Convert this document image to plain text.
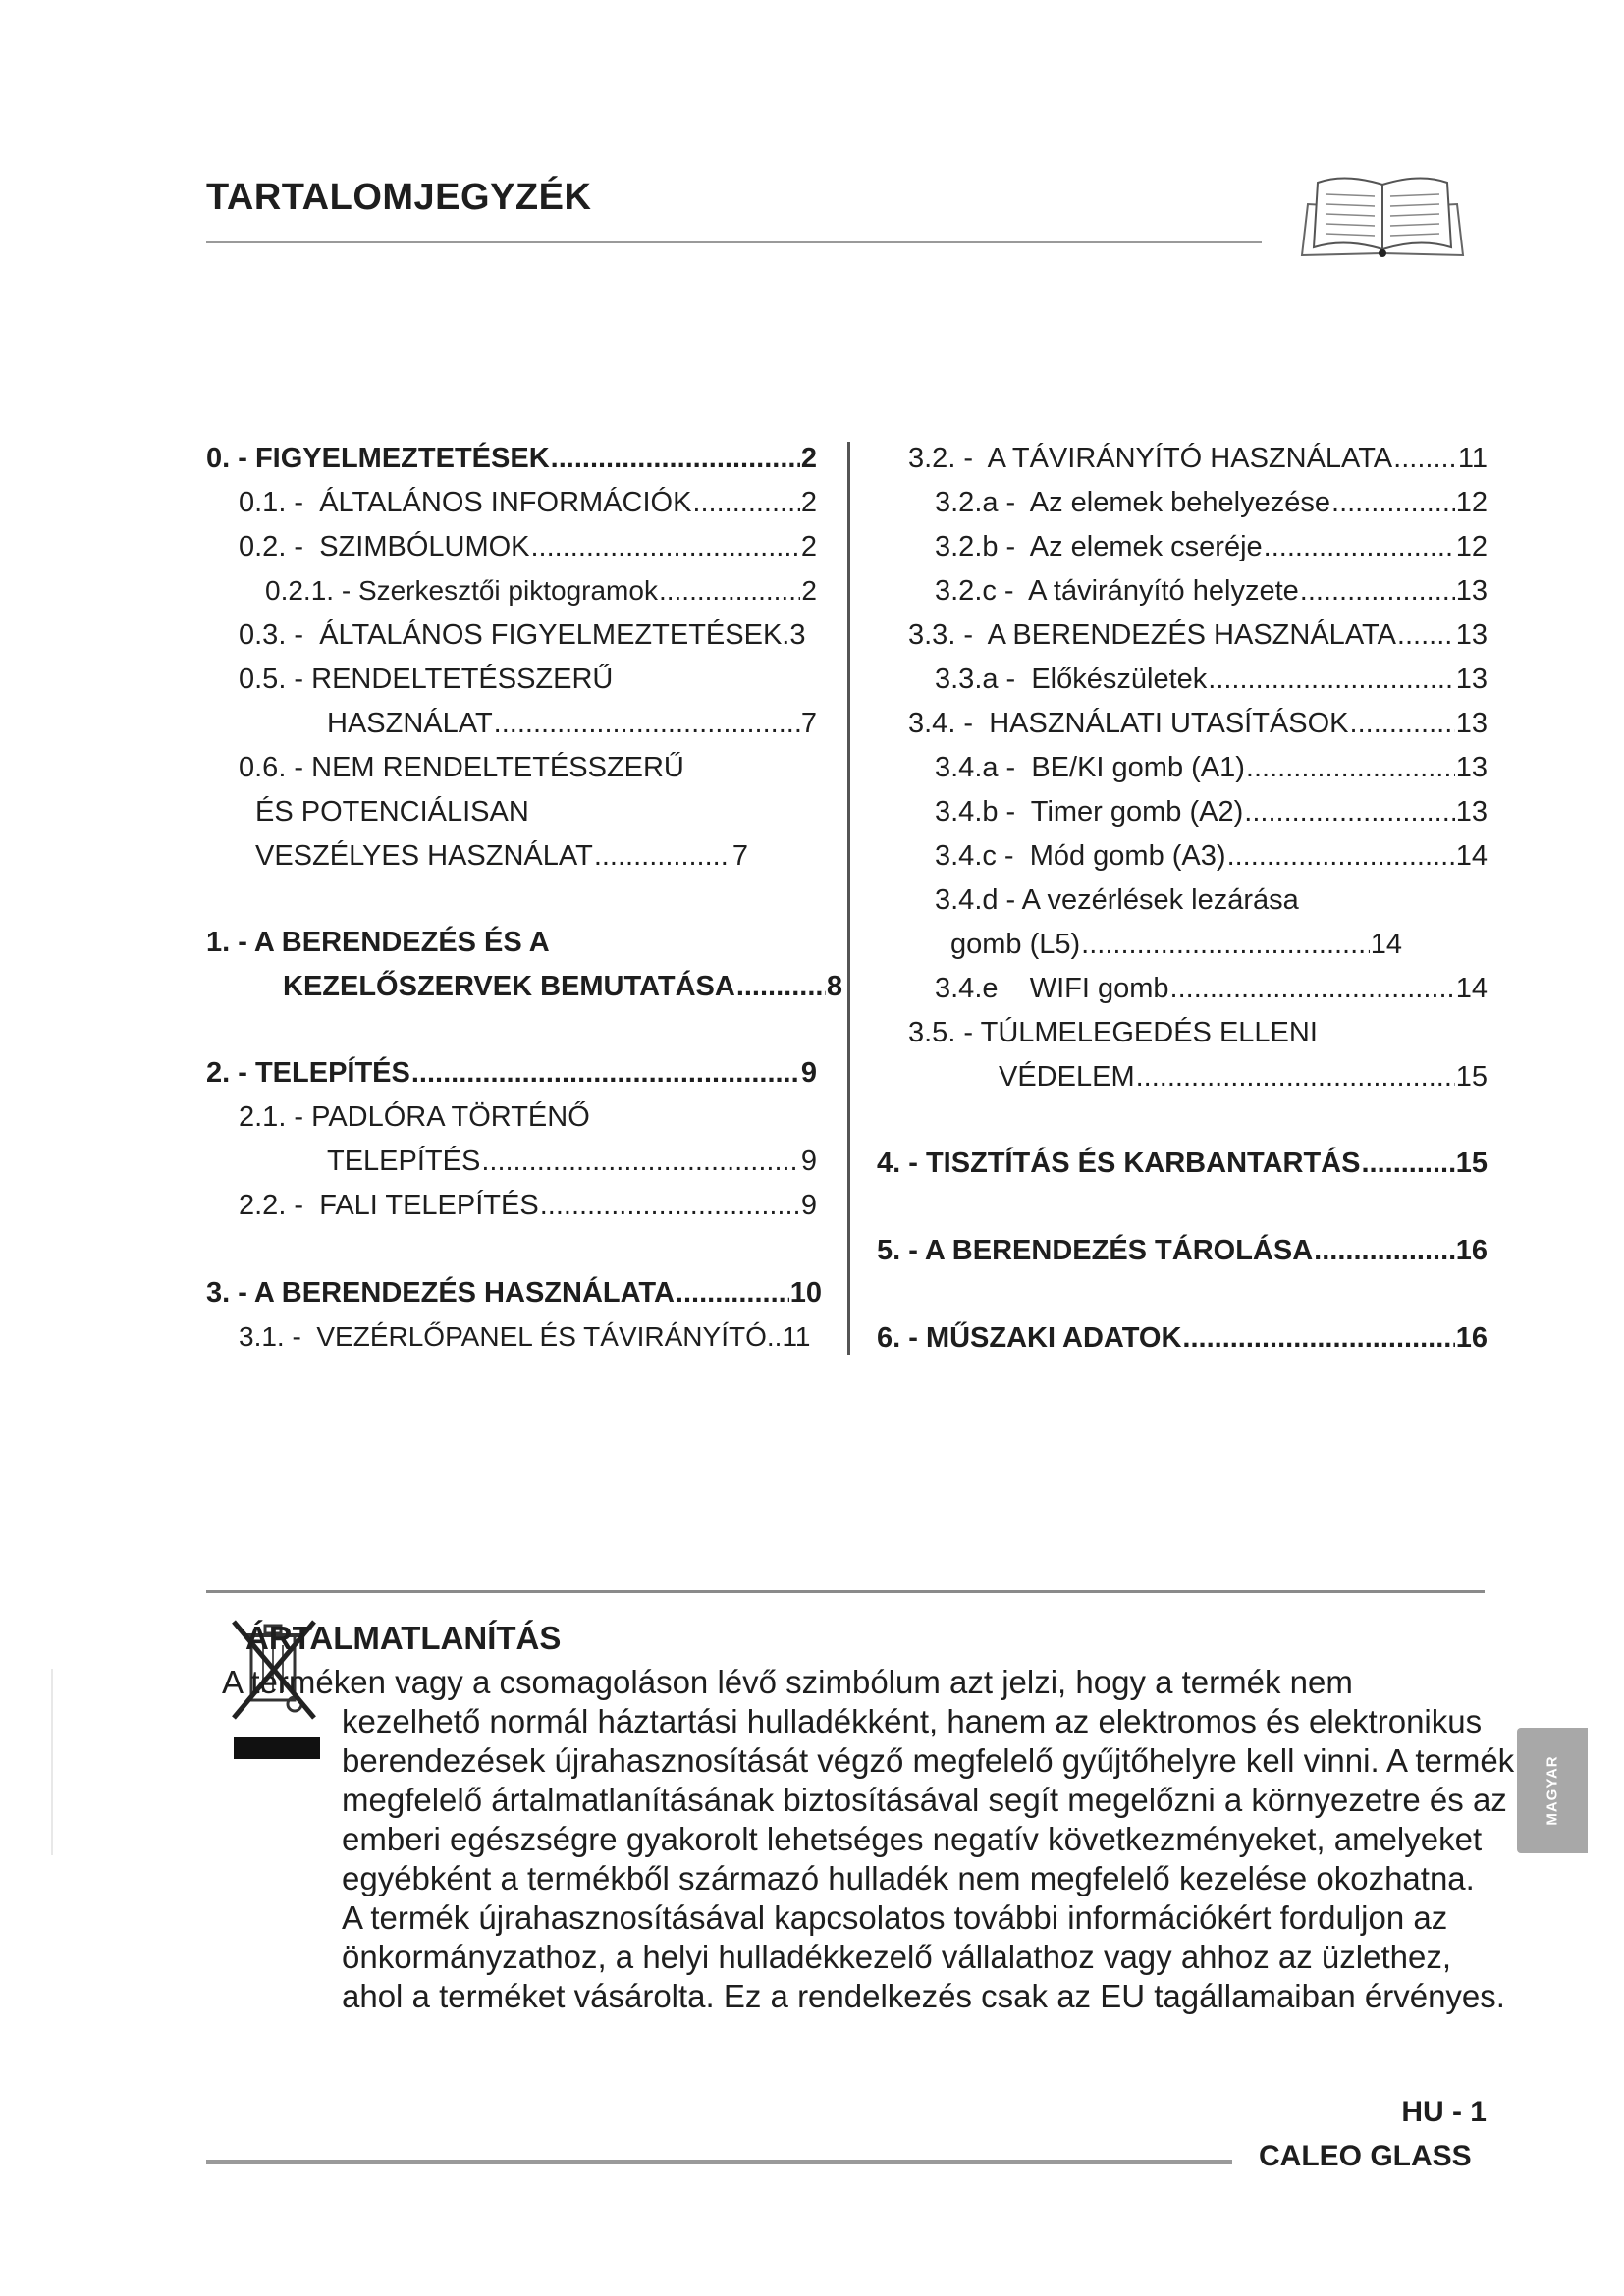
TARTALOMJEGYZÉK
0. - FIGYELMEZTETÉSEK .....	2
0.1. -  ÁLTALÁNOS INFORMÁCIÓK .....	2
0.2. -  SZIMBÓLUMOK .....	2
0.2.1. - Szerkesztői piktogramok .....	2
0.3. -  ÁLTALÁNOS FIGYELMEZTETÉSEK. 3
0.5. - RENDELTETÉSSZERŰ
HASZNÁLAT .....	7
0.6. - NEM RENDELTETÉSSZERŰ
ÉS POTENCIÁLISAN
VESZÉLYES HASZNÁLAT .....	7
1. - A BERENDEZÉS ÉS A
KEZELŐSZERVEK BEMUTATÁSA .....	8
2. - TELEPÍTÉS .....	9
2.1. - PADLÓRA TÖRTÉNŐ
TELEPÍTÉS .....	9
2.2. -  FALI TELEPÍTÉS .....	9
3. - A BERENDEZÉS HASZNÁLATA .....	10
3.1. -  VEZÉRLŐPANEL ÉS TÁVIRÁNYÍTÓ.. 11
3.2. -  A TÁVIRÁNYÍTÓ HASZNÁLATA ..... 11
3.2.a -  Az elemek behelyezése .....	12
3.2.b -  Az elemek cseréje .....	12
3.2.c -  A távirányító helyzete .....	13
3.3. -  A BERENDEZÉS HASZNÁLATA ..... 13
3.3.a -  Előkészületek .....	13
3.4. -  HASZNÁLATI UTASÍTÁSOK .....	13
3.4.a -  BE/KI gomb (A1) .....	13
3.4.b -  Timer gomb (A2) .....	13
3.4.c -  Mód gomb (A3) .....	14
3.4.d - A vezérlések lezárása
gomb (L5) .....	14
3.4.e    WIFI gomb .....	14
3.5. - TÚLMELEGEDÉS ELLENI
VÉDELEM .....	15
4. - TISZTÍTÁS ÉS KARBANTARTÁS .....	15
5. - A BERENDEZÉS TÁROLÁSA .....	16
6. - MŰSZAKI ADATOK .....	16
ÁRTALMATLANÍTÁS
A terméken vagy a csomagoláson lévő szimbólum azt jelzi, hogy a termék nem
kezelhető normál háztartási hulladékként, hanem az elektromos és elektronikus
berendezések újrahasznosítását végző megfelelő gyűjtőhelyre kell vinni. A termék
megfelelő ártalmatlanításának biztosításával segít megelőzni a környezetre és az
emberi egészségre gyakorolt lehetséges negatív következményeket, amelyeket
egyébként a termékből származó hulladék nem megfelelő kezelése okozhatna.
A termék újrahasznosításával kapcsolatos további információkért forduljon az
önkormányzathoz, a helyi hulladékkezelő vállalathoz vagy ahhoz az üzlethez,
ahol a terméket vásárolta. Ez a rendelkezés csak az EU tagállamaiban érvényes.
MAGYAR
HU - 1
CALEO GLASS
